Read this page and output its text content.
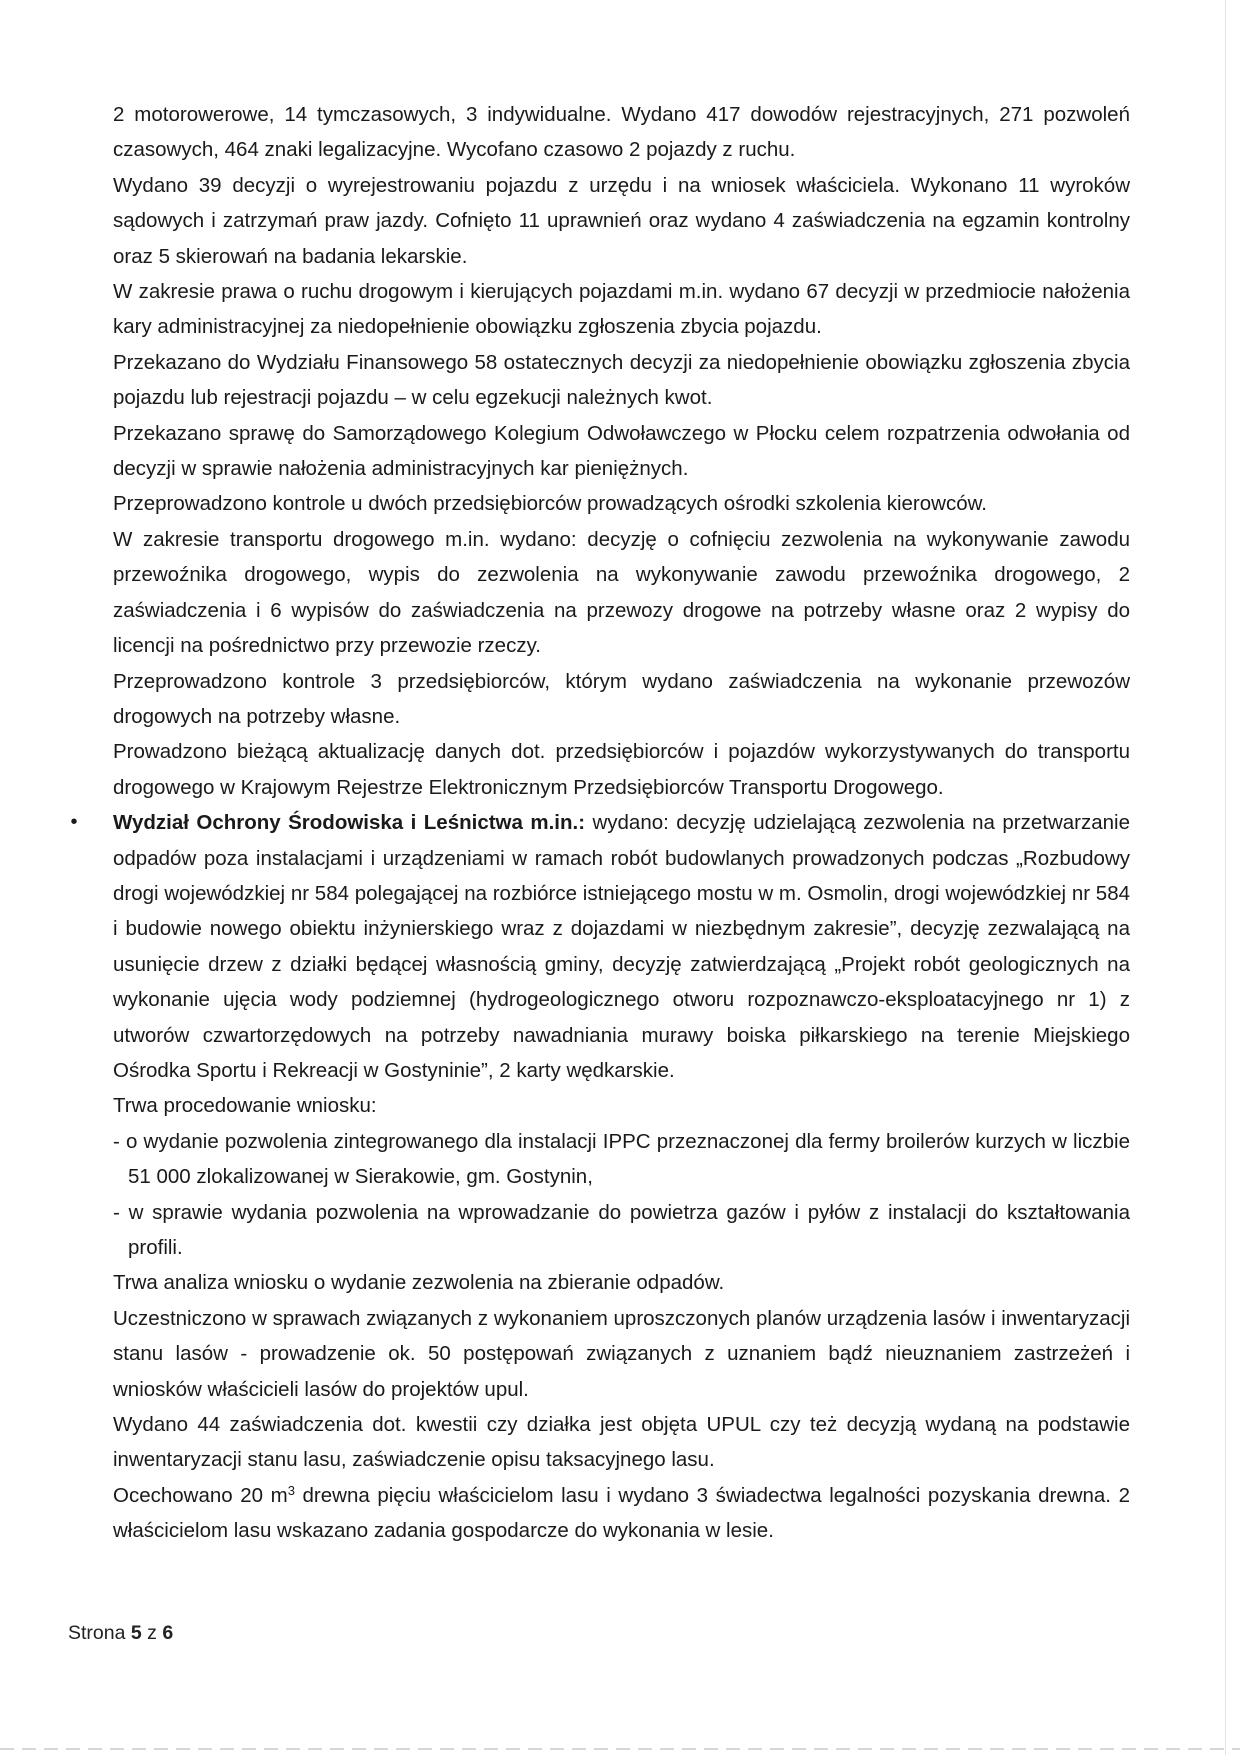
2 motorowerowe, 14 tymczasowych, 3 indywidualne. Wydano 417 dowodów rejestracyjnych, 271 pozwoleń czasowych, 464 znaki legalizacyjne. Wycofano czasowo 2 pojazdy z ruchu.

Wydano 39 decyzji o wyrejestrowaniu pojazdu z urzędu i na wniosek właściciela. Wykonano 11 wyroków sądowych i zatrzymań praw jazdy. Cofnięto 11 uprawnień oraz wydano 4 zaświadczenia na egzamin kontrolny oraz 5 skierowań na badania lekarskie.

W zakresie prawa o ruchu drogowym i kierujących pojazdami m.in. wydano 67 decyzji w przedmiocie nałożenia kary administracyjnej za niedopełnienie obowiązku zgłoszenia zbycia pojazdu.

Przekazano do Wydziału Finansowego 58 ostatecznych decyzji za niedopełnienie obowiązku zgłoszenia zbycia pojazdu lub rejestracji pojazdu – w celu egzekucji należnych kwot.

Przekazano sprawę do Samorządowego Kolegium Odwoławczego w Płocku celem rozpatrzenia odwołania od decyzji w sprawie nałożenia administracyjnych kar pieniężnych.

Przeprowadzono kontrole u dwóch przedsiębiorców prowadzących ośrodki szkolenia kierowców.

W zakresie transportu drogowego m.in. wydano: decyzję o cofnięciu zezwolenia na wykonywanie zawodu przewoźnika drogowego, wypis do zezwolenia na wykonywanie zawodu przewoźnika drogowego, 2 zaświadczenia i 6 wypisów do zaświadczenia na przewozy drogowe na potrzeby własne oraz 2 wypisy do licencji na pośrednictwo przy przewozie rzeczy.

Przeprowadzono kontrole 3 przedsiębiorców, którym wydano zaświadczenia na wykonanie przewozów drogowych na potrzeby własne.

Prowadzono bieżącą aktualizację danych dot. przedsiębiorców i pojazdów wykorzystywanych do transportu drogowego w Krajowym Rejestrze Elektronicznym Przedsiębiorców Transportu Drogowego.

•	Wydział Ochrony Środowiska i Leśnictwa m.in.: wydano: decyzję udzielającą zezwolenia na przetwarzanie odpadów poza instalacjami i urządzeniami w ramach robót budowlanych prowadzonych podczas „Rozbudowy drogi wojewódzkiej nr 584 polegającej na rozbiórce istniejącego mostu w m. Osmolin, drogi wojewódzkiej nr 584 i budowie nowego obiektu inżynierskiego wraz z dojazdami w niezbędnym zakresie”, decyzję zezwalającą na usunięcie drzew z działki będącej własnością gminy, decyzję zatwierdzającą „Projekt robót geologicznych na wykonanie ujęcia wody podziemnej (hydrogeologicznego otworu rozpoznawczo-eksploatacyjnego nr 1) z utworów czwartorzędowych na potrzeby nawadniania murawy boiska piłkarskiego na terenie Miejskiego Ośrodka Sportu i Rekreacji w Gostyninie”, 2 karty wędkarskie.

Trwa procedowanie wniosku:

- o wydanie pozwolenia zintegrowanego dla instalacji IPPC przeznaczonej dla fermy broilerów kurzych w liczbie 51 000 zlokalizowanej w Sierakowie, gm. Gostynin,

- w sprawie wydania pozwolenia na wprowadzanie do powietrza gazów i pyłów z instalacji do kształtowania profili.

Trwa analiza wniosku o wydanie zezwolenia na zbieranie odpadów.

Uczestniczono w sprawach związanych z wykonaniem uproszczonych planów urządzenia lasów i inwentaryzacji stanu lasów - prowadzenie ok. 50 postępowań związanych z uznaniem bądź nieuznaniem zastrzeżeń i wniosków właścicieli lasów do projektów upul.

Wydano 44 zaświadczenia dot. kwestii czy działka jest objęta UPUL czy też decyzją wydaną na podstawie inwentaryzacji stanu lasu, zaświadczenie opisu taksacyjnego lasu.

Ocechowano 20 $m^3$ drewna pięciu właścicielom lasu i wydano 3 świadectwa legalności pozyskania drewna. 2 właścicielom lasu wskazano zadania gospodarcze do wykonania w lesie.

Strona 5 z 6
